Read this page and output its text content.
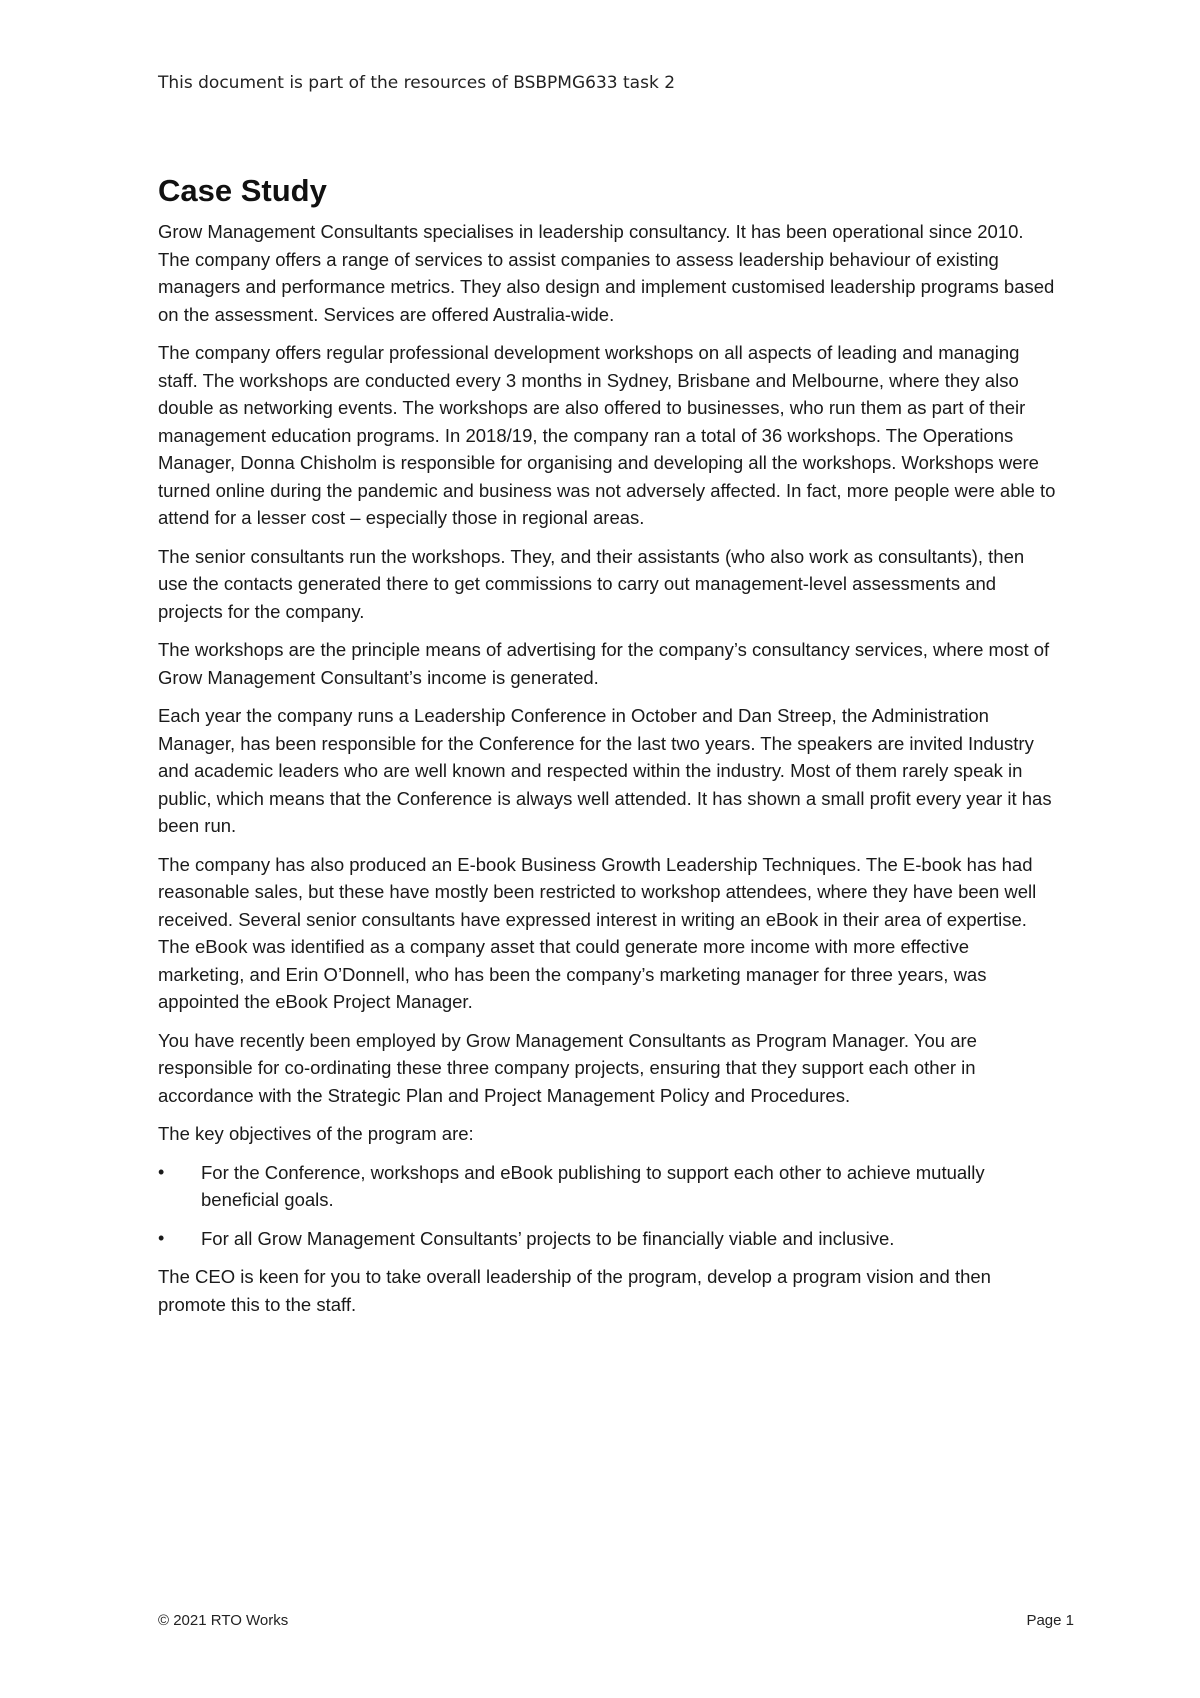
This document is part of the resources of BSBPMG633 task 2
Case Study

Grow Management Consultants specialises in leadership consultancy. It has been operational since 2010. The company offers a range of services to assist companies to assess leadership behaviour of existing managers and performance metrics. They also design and implement customised leadership programs based on the assessment. Services are offered Australia-wide.

The company offers regular professional development workshops on all aspects of leading and managing staff. The workshops are conducted every 3 months in Sydney, Brisbane and Melbourne, where they also double as networking events. The workshops are also offered to businesses, who run them as part of their management education programs. In 2018/19, the company ran a total of 36 workshops. The Operations Manager, Donna Chisholm is responsible for organising and developing all the workshops. Workshops were turned online during the pandemic and business was not adversely affected. In fact, more people were able to attend for a lesser cost – especially those in regional areas.

The senior consultants run the workshops. They, and their assistants (who also work as consultants), then use the contacts generated there to get commissions to carry out management-level assessments and projects for the company.

The workshops are the principle means of advertising for the company’s consultancy services, where most of Grow Management Consultant’s income is generated.

Each year the company runs a Leadership Conference in October and Dan Streep, the Administration Manager, has been responsible for the Conference for the last two years. The speakers are invited Industry and academic leaders who are well known and respected within the industry. Most of them rarely speak in public, which means that the Conference is always well attended. It has shown a small profit every year it has been run.

The company has also produced an E-book Business Growth Leadership Techniques. The E-book has had reasonable sales, but these have mostly been restricted to workshop attendees, where they have been well received. Several senior consultants have expressed interest in writing an eBook in their area of expertise. The eBook was identified as a company asset that could generate more income with more effective marketing, and Erin O’Donnell, who has been the company’s marketing manager for three years, was appointed the eBook Project Manager.

You have recently been employed by Grow Management Consultants as Program Manager. You are responsible for co-ordinating these three company projects, ensuring that they support each other in accordance with the Strategic Plan and Project Management Policy and Procedures.

The key objectives of the program are:

• For the Conference, workshops and eBook publishing to support each other to achieve mutually beneficial goals.
• For all Grow Management Consultants’ projects to be financially viable and inclusive.

The CEO is keen for you to take overall leadership of the program, develop a program vision and then promote this to the staff.

© 2021 RTO Works	Page 1
